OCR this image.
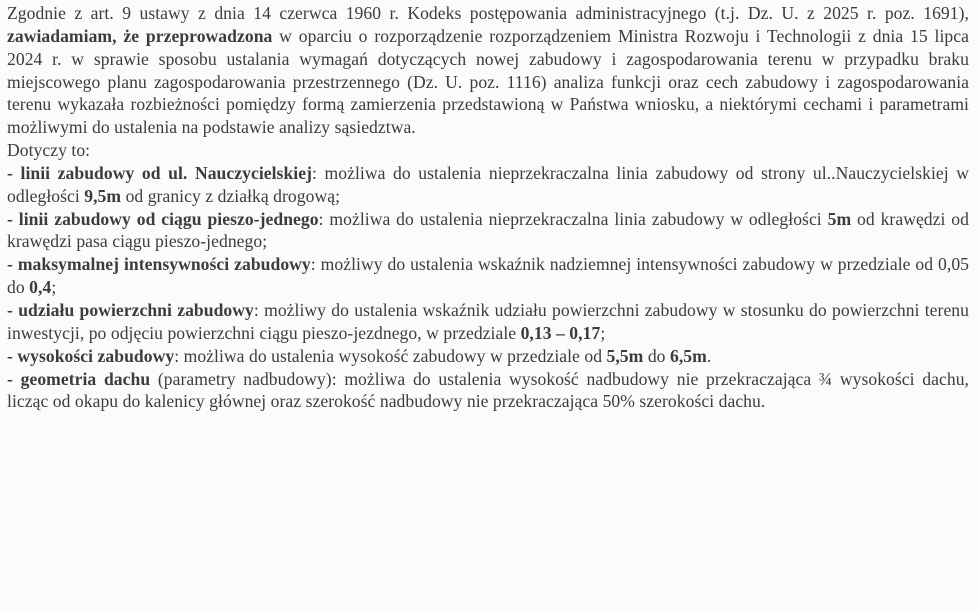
Zgodnie z art. 9 ustawy z dnia 14 czerwca 1960 r. Kodeks postępowania administracyjnego (t.j. Dz. U. z 2025 r. poz. 1691), zawiadamiam, że przeprowadzona w oparciu o rozporządzenie rozporządzeniem Ministra Rozwoju i Technologii z dnia 15 lipca 2024 r. w sprawie sposobu ustalania wymagań dotyczących nowej zabudowy i zagospodarowania terenu w przypadku braku miejscowego planu zagospodarowania przestrzennego (Dz. U. poz. 1116) analiza funkcji oraz cech zabudowy i zagospodarowania terenu wykazała rozbieżności pomiędzy formą zamierzenia przedstawioną w Państwa wniosku, a niektórymi cechami i parametrami możliwymi do ustalenia na podstawie analizy sąsiedztwa.

Dotyczy to:

- linii zabudowy od ul. Nauczycielskiej: możliwa do ustalenia nieprzekraczalna linia zabudowy od strony ul..Nauczycielskiej w odległości 9,5m od granicy z działką drogową;

- linii zabudowy od ciągu pieszo-jednego: możliwa do ustalenia nieprzekraczalna linia zabudowy w odległości 5m od krawędzi od krawędzi pasa ciągu pieszo-jednego;

- maksymalnej intensywności zabudowy: możliwy do ustalenia wskaźnik nadziemnej intensywności zabudowy w przedziale od 0,05 do 0,4;

- udziału powierzchni zabudowy: możliwy do ustalenia wskaźnik udziału powierzchni zabudowy w stosunku do powierzchni terenu inwestycji, po odjęciu powierzchni ciągu pieszo-jezdnego, w przedziale 0,13 – 0,17;

- wysokości zabudowy: możliwa do ustalenia wysokość zabudowy w przedziale od 5,5m do 6,5m.

- geometria dachu (parametry nadbudowy): możliwa do ustalenia wysokość nadbudowy nie przekraczająca ¾ wysokości dachu, licząc od okapu do kalenicy głównej oraz szerokość nadbudowy nie przekraczająca 50% szerokości dachu.
